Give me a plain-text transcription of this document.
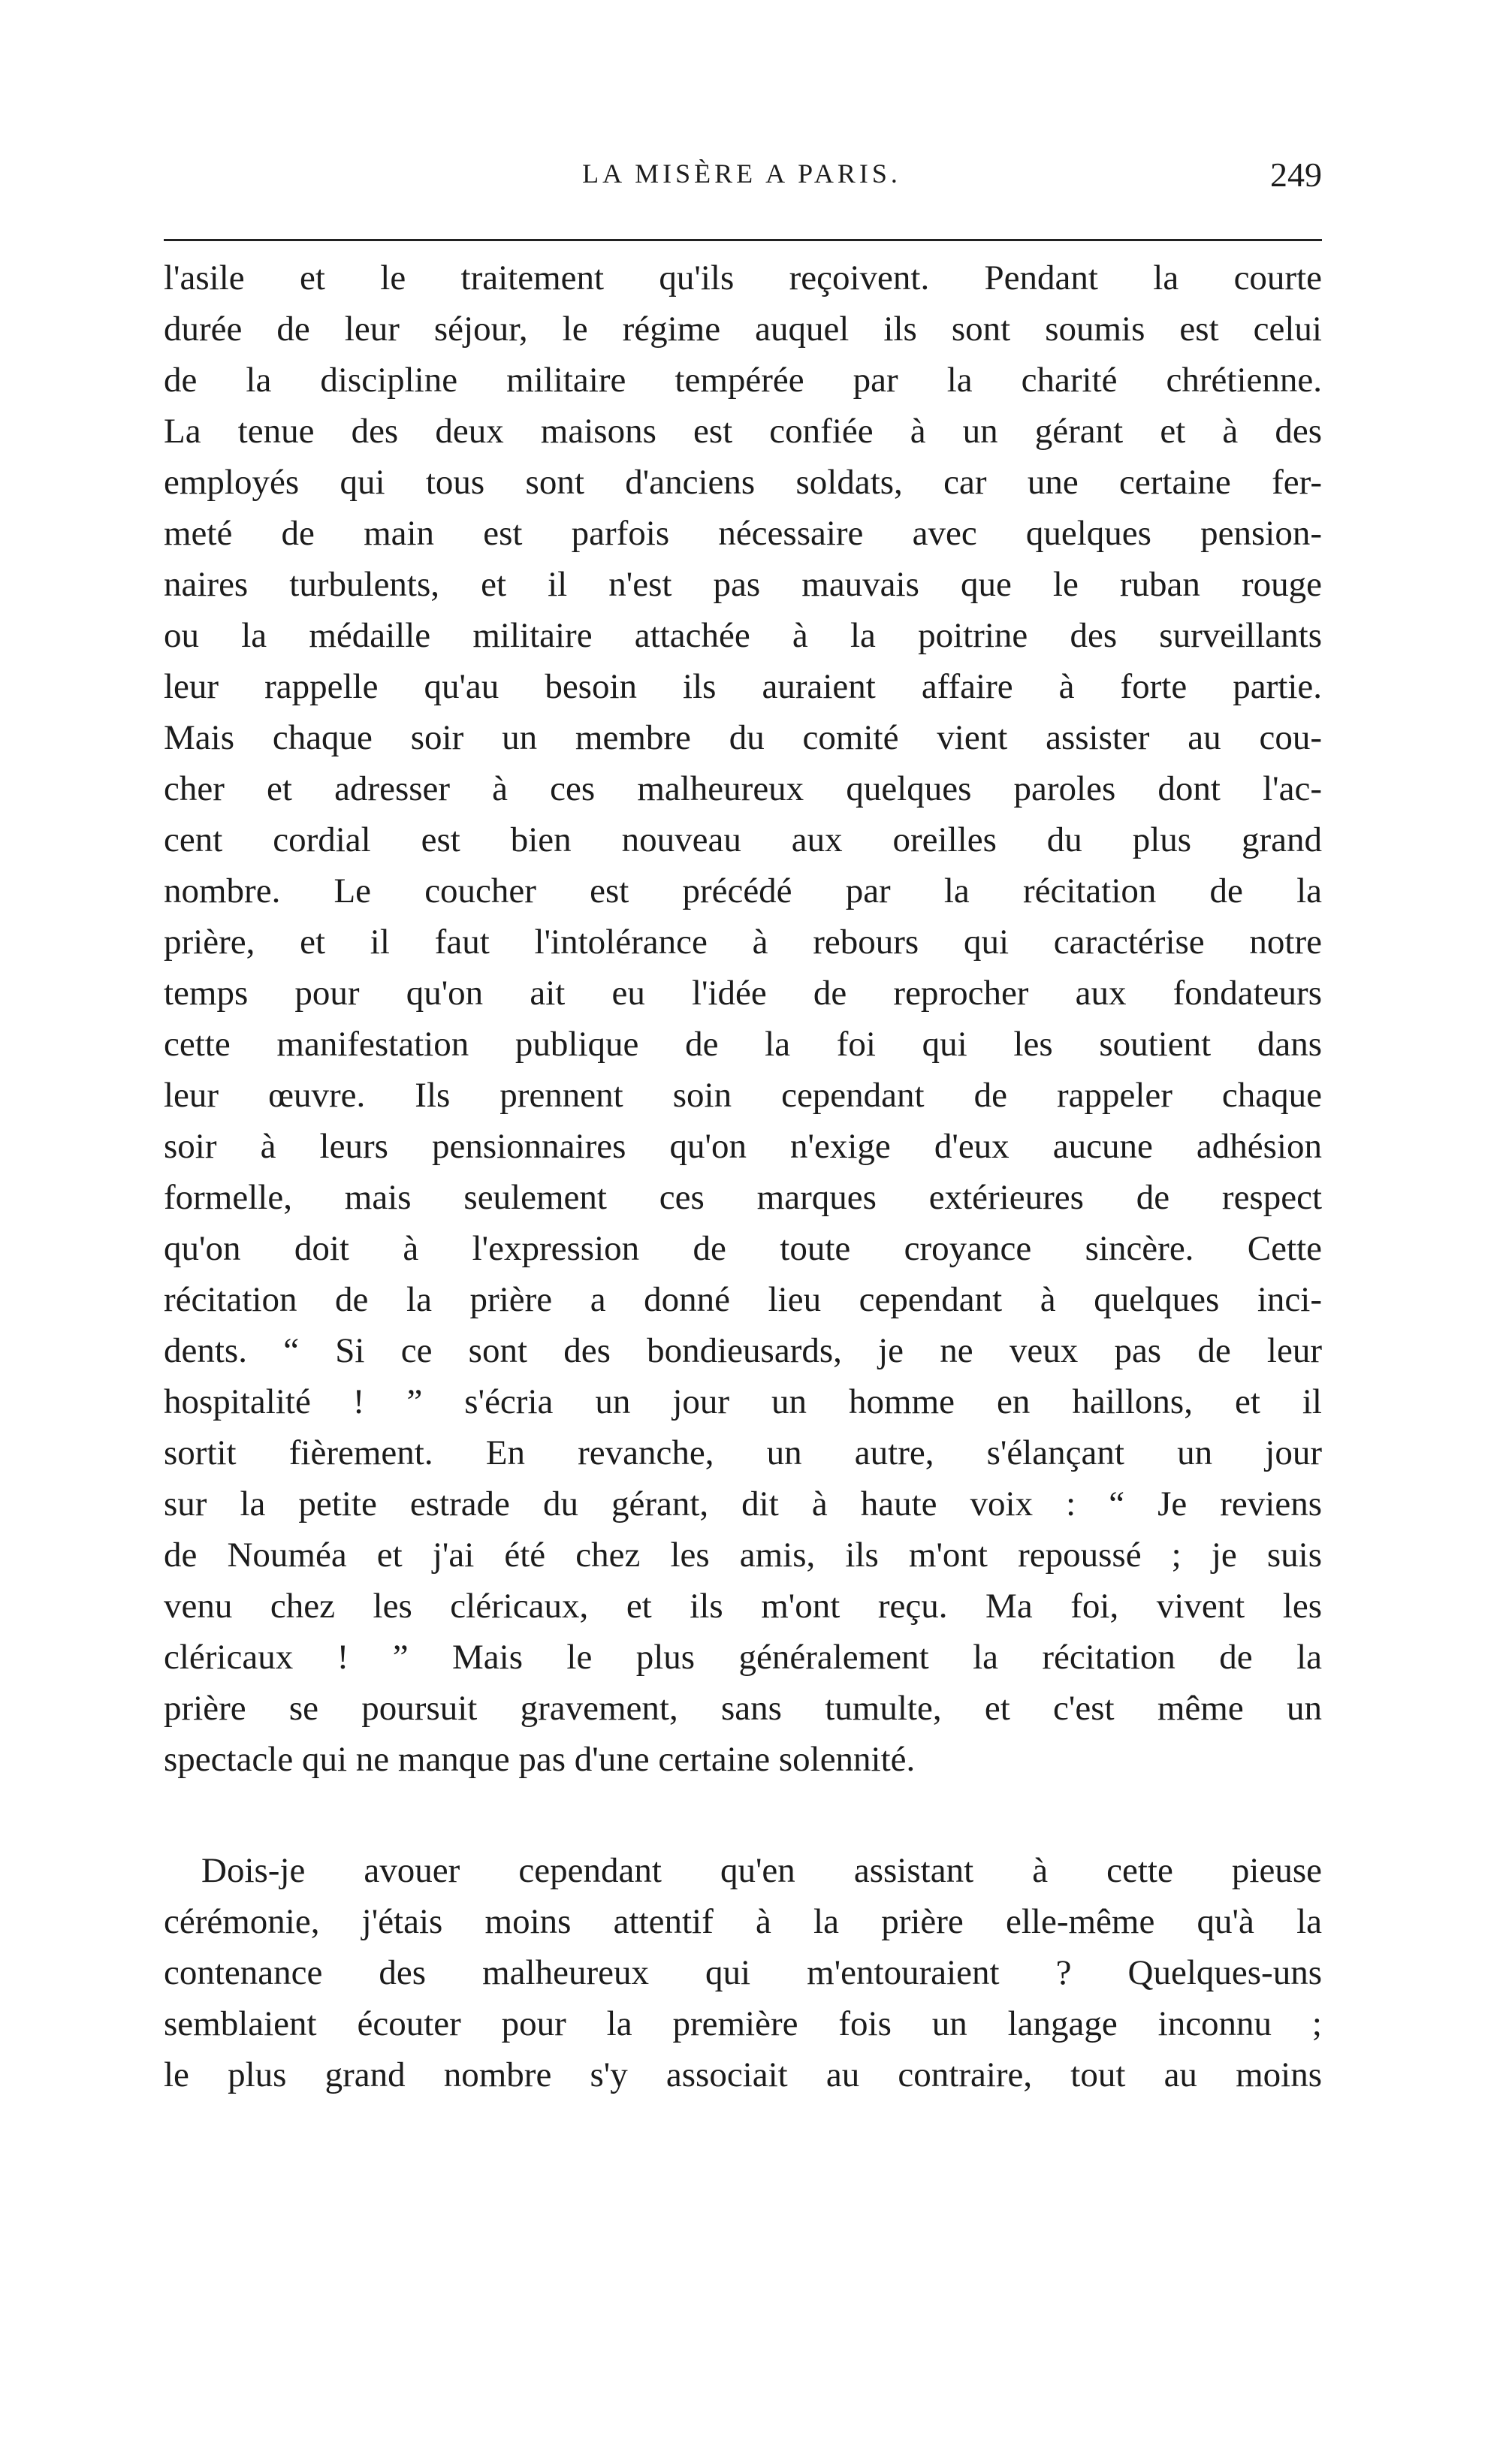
LA MISÈRE A PARIS.	249
l'asile et le traitement qu'ils reçoivent. Pendant la courte
durée de leur séjour, le régime auquel ils sont soumis est celui
de la discipline militaire tempérée par la charité chrétienne.
La tenue des deux maisons est confiée à un gérant et à des
employés qui tous sont d'anciens soldats, car une certaine fer-
meté de main est parfois nécessaire avec quelques pension-
naires turbulents, et il n'est pas mauvais que le ruban rouge
ou la médaille militaire attachée à la poitrine des surveillants
leur rappelle qu'au besoin ils auraient affaire à forte partie.
Mais chaque soir un membre du comité vient assister au cou-
cher et adresser à ces malheureux quelques paroles dont l'ac-
cent cordial est bien nouveau aux oreilles du plus grand
nombre. Le coucher est précédé par la récitation de la
prière, et il faut l'intolérance à rebours qui caractérise notre
temps pour qu'on ait eu l'idée de reprocher aux fondateurs
cette manifestation publique de la foi qui les soutient dans
leur œuvre. Ils prennent soin cependant de rappeler chaque
soir à leurs pensionnaires qu'on n'exige d'eux aucune adhésion
formelle, mais seulement ces marques extérieures de respect
qu'on doit à l'expression de toute croyance sincère. Cette
récitation de la prière a donné lieu cependant à quelques inci-
dents. “ Si ce sont des bondieusards, je ne veux pas de leur
hospitalité ! ” s'écria un jour un homme en haillons, et il
sortit fièrement. En revanche, un autre, s'élançant un jour
sur la petite estrade du gérant, dit à haute voix : “ Je reviens
de Nouméa et j'ai été chez les amis, ils m'ont repoussé ; je suis
venu chez les cléricaux, et ils m'ont reçu. Ma foi, vivent les
cléricaux ! ” Mais le plus généralement la récitation de la
prière se poursuit gravement, sans tumulte, et c'est même un
spectacle qui ne manque pas d'une certaine solennité.
Dois-je avouer cependant qu'en assistant à cette pieuse
cérémonie, j'étais moins attentif à la prière elle-même qu'à la
contenance des malheureux qui m'entouraient ? Quelques-uns
semblaient écouter pour la première fois un langage inconnu ;
le plus grand nombre s'y associait au contraire, tout au moins
